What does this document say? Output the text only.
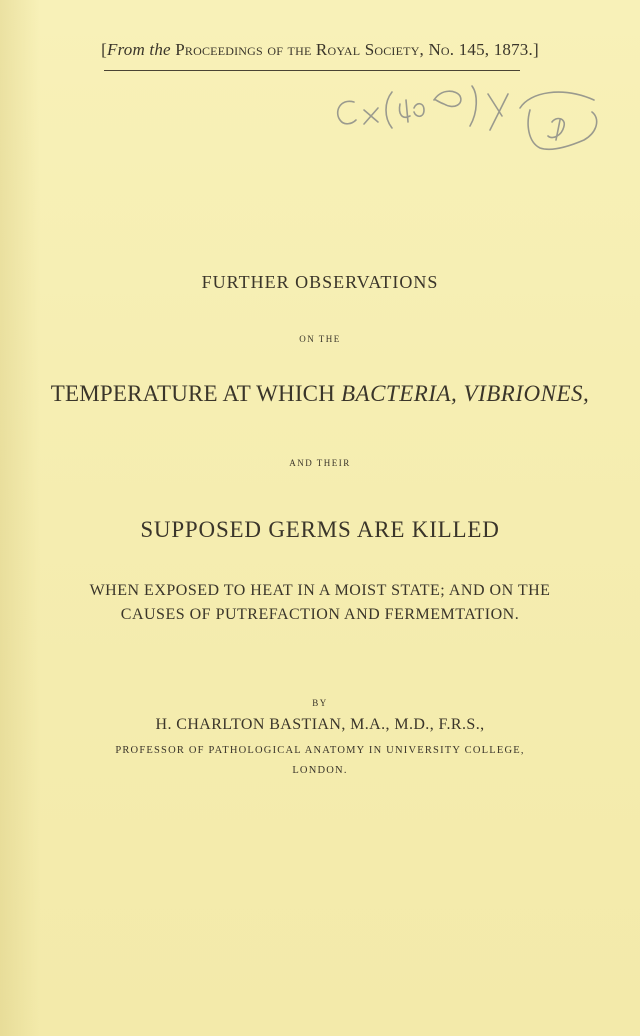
[From the Proceedings of the Royal Society, No. 145, 1873.]
FURTHER OBSERVATIONS
ON THE
TEMPERATURE AT WHICH BACTERIA, VIBRIONES,
AND THEIR
SUPPOSED GERMS ARE KILLED
WHEN EXPOSED TO HEAT IN A MOIST STATE; AND ON THE
CAUSES OF PUTREFACTION AND FERMEMTATION.
BY
H. CHARLTON BASTIAN, M.A., M.D., F.R.S.,
PROFESSOR OF PATHOLOGICAL ANATOMY IN UNIVERSITY COLLEGE,
LONDON.
